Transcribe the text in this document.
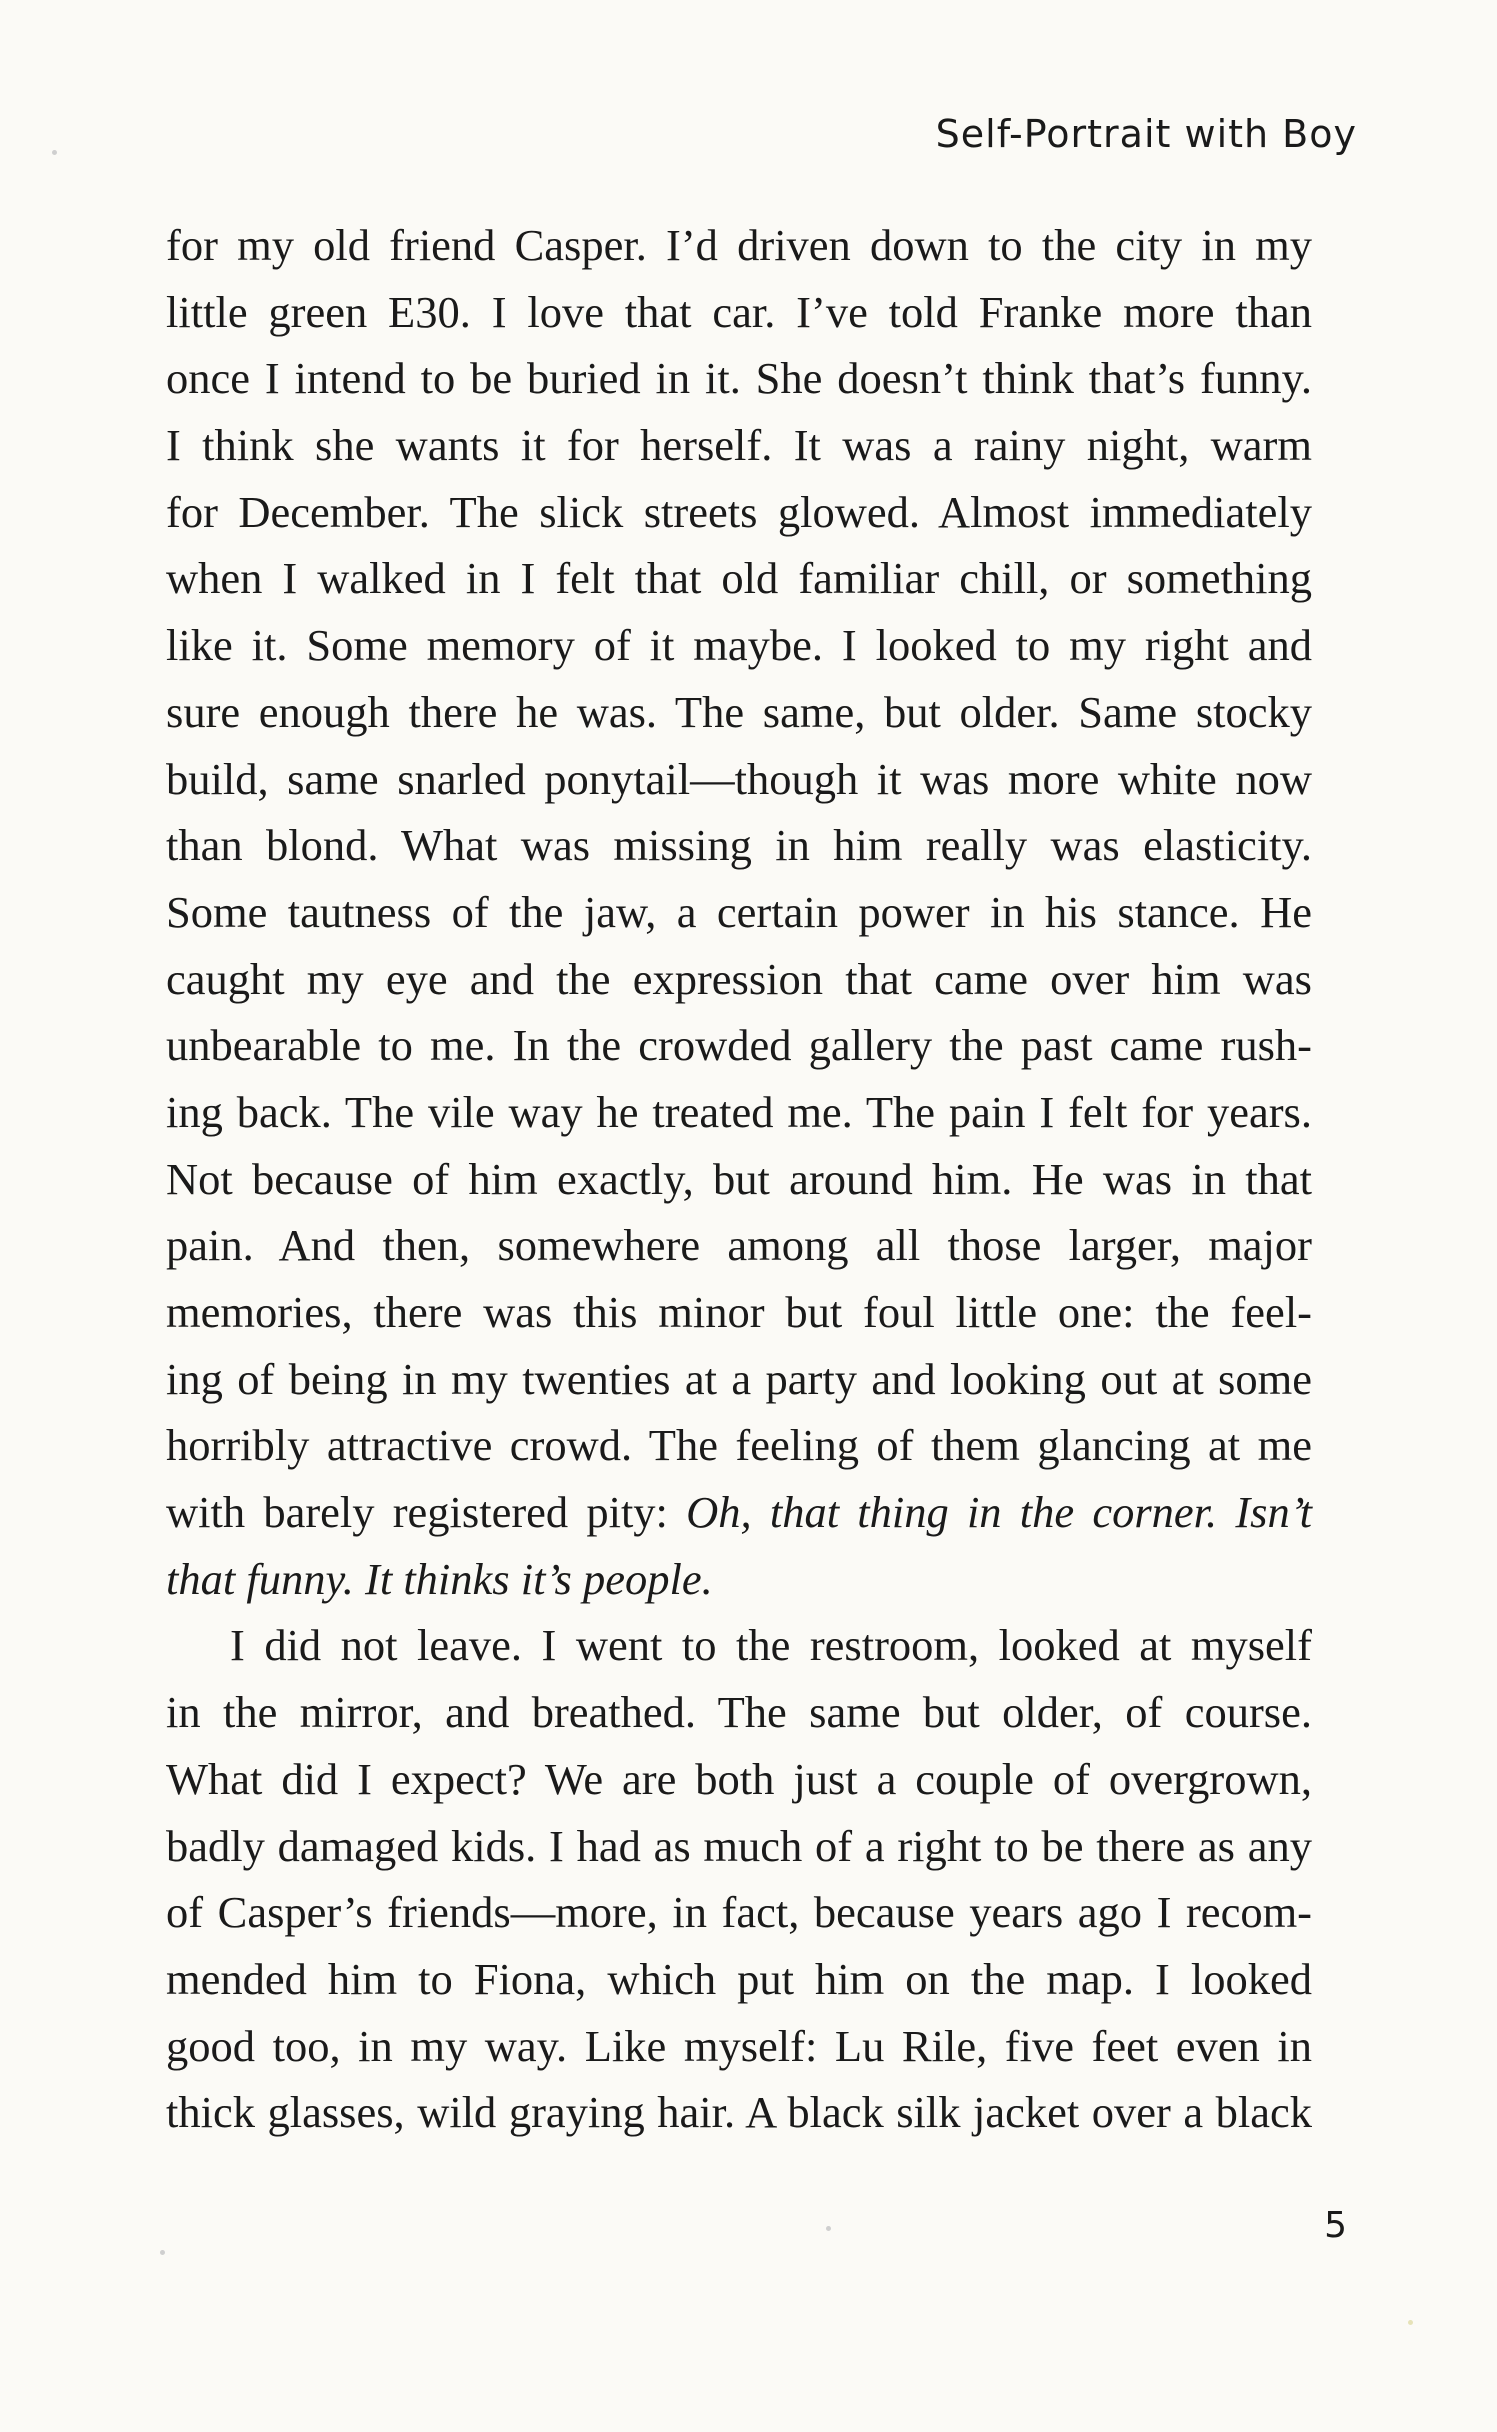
Self-Portrait with Boy
for my old friend Casper. I’d driven down to the city in my
little green E30. I love that car. I’ve told Franke more than
once I intend to be buried in it. She doesn’t think that’s funny.
I think she wants it for herself. It was a rainy night, warm
for December. The slick streets glowed. Almost immediately
when I walked in I felt that old familiar chill, or something
like it. Some memory of it maybe. I looked to my right and
sure enough there he was. The same, but older. Same stocky
build, same snarled ponytail—though it was more white now
than blond. What was missing in him really was elasticity.
Some tautness of the jaw, a certain power in his stance. He
caught my eye and the expression that came over him was
unbearable to me. In the crowded gallery the past came rush-
ing back. The vile way he treated me. The pain I felt for years.
Not because of him exactly, but around him. He was in that
pain. And then, somewhere among all those larger, major
memories, there was this minor but foul little one: the feel-
ing of being in my twenties at a party and looking out at some
horribly attractive crowd. The feeling of them glancing at me
with barely registered pity: Oh, that thing in the corner. Isn’t
that funny. It thinks it’s people.
I did not leave. I went to the restroom, looked at myself
in the mirror, and breathed. The same but older, of course.
What did I expect? We are both just a couple of overgrown,
badly damaged kids. I had as much of a right to be there as any
of Casper’s friends—more, in fact, because years ago I recom-
mended him to Fiona, which put him on the map. I looked
good too, in my way. Like myself: Lu Rile, five feet even in
thick glasses, wild graying hair. A black silk jacket over a black
5
